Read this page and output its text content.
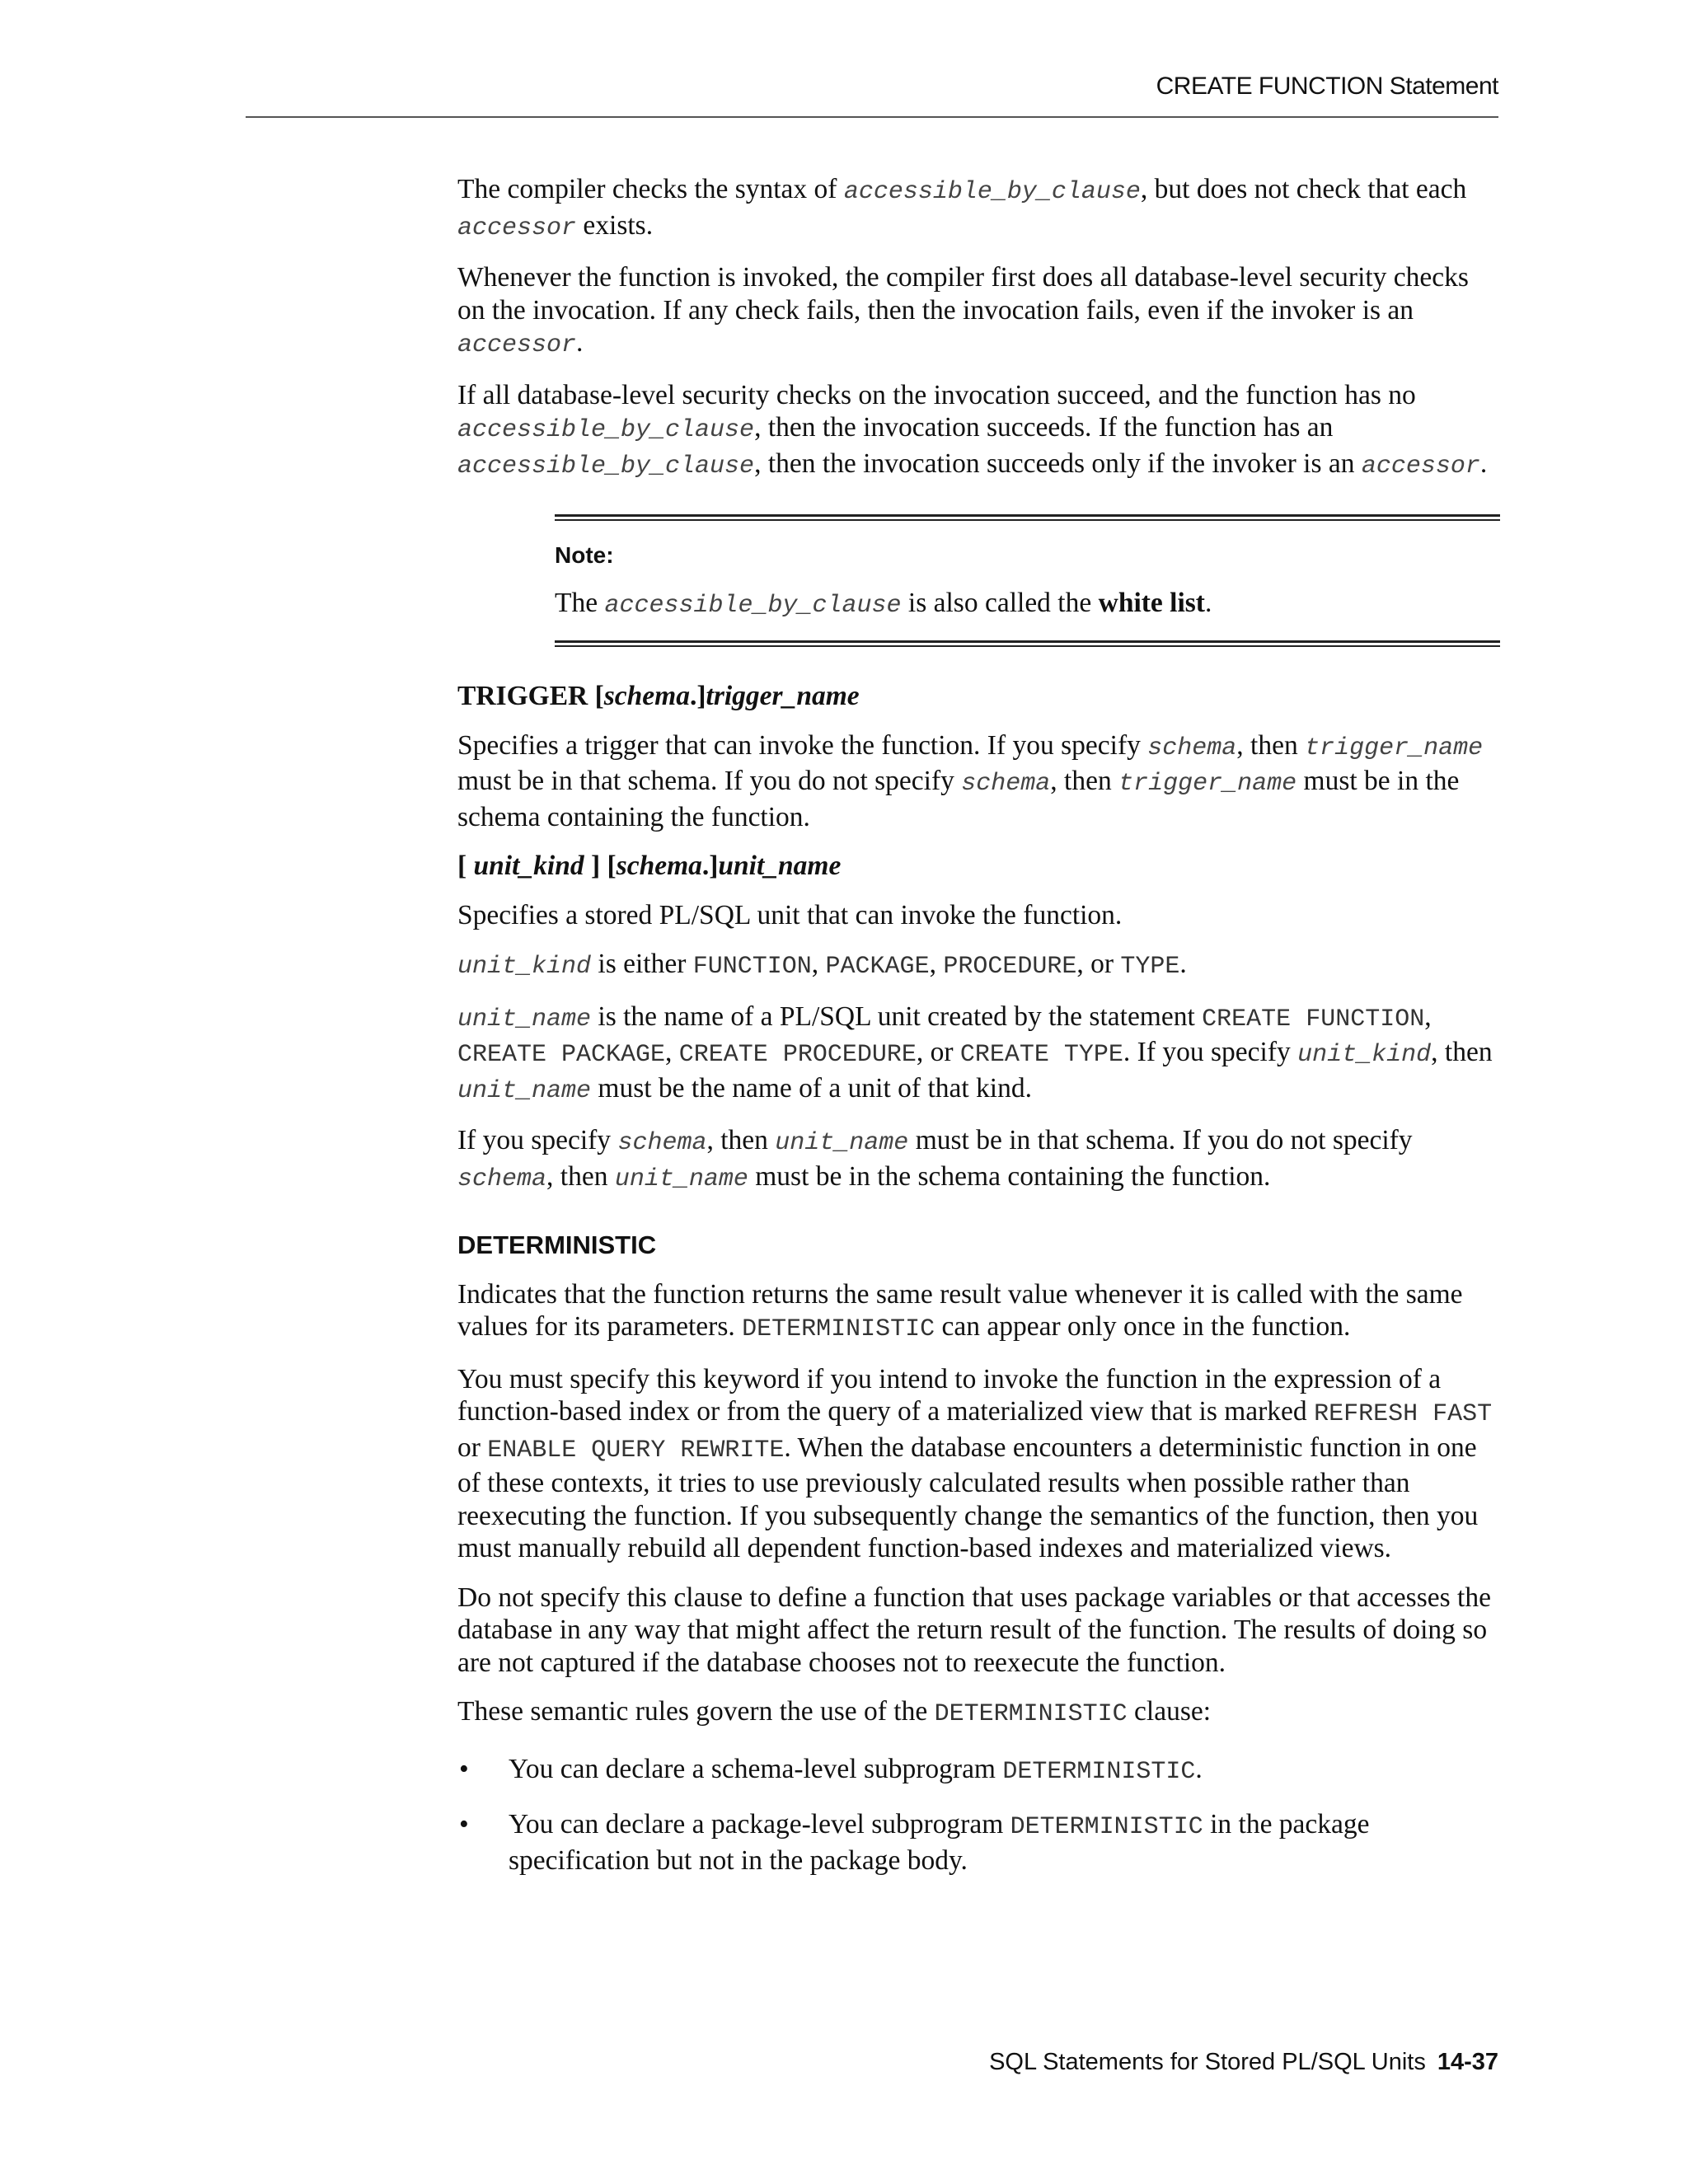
CREATE FUNCTION Statement

The compiler checks the syntax of accessible_by_clause, but does not check that each accessor exists.

Whenever the function is invoked, the compiler first does all database-level security checks on the invocation. If any check fails, then the invocation fails, even if the invoker is an accessor.

If all database-level security checks on the invocation succeed, and the function has no accessible_by_clause, then the invocation succeeds. If the function has an accessible_by_clause, then the invocation succeeds only if the invoker is an accessor.

Note:

The accessible_by_clause is also called the white list.

TRIGGER [schema.]trigger_name

Specifies a trigger that can invoke the function. If you specify schema, then trigger_name must be in that schema. If you do not specify schema, then trigger_name must be in the schema containing the function.

[ unit_kind ] [schema.]unit_name

Specifies a stored PL/SQL unit that can invoke the function.

unit_kind is either FUNCTION, PACKAGE, PROCEDURE, or TYPE.

unit_name is the name of a PL/SQL unit created by the statement CREATE FUNCTION, CREATE PACKAGE, CREATE PROCEDURE, or CREATE TYPE. If you specify unit_kind, then unit_name must be the name of a unit of that kind.

If you specify schema, then unit_name must be in that schema. If you do not specify schema, then unit_name must be in the schema containing the function.

DETERMINISTIC

Indicates that the function returns the same result value whenever it is called with the same values for its parameters. DETERMINISTIC can appear only once in the function.

You must specify this keyword if you intend to invoke the function in the expression of a function-based index or from the query of a materialized view that is marked REFRESH FAST or ENABLE QUERY REWRITE. When the database encounters a deterministic function in one of these contexts, it tries to use previously calculated results when possible rather than reexecuting the function. If you subsequently change the semantics of the function, then you must manually rebuild all dependent function-based indexes and materialized views.

Do not specify this clause to define a function that uses package variables or that accesses the database in any way that might affect the return result of the function. The results of doing so are not captured if the database chooses not to reexecute the function.

These semantic rules govern the use of the DETERMINISTIC clause:

• You can declare a schema-level subprogram DETERMINISTIC.
• You can declare a package-level subprogram DETERMINISTIC in the package specification but not in the package body.
SQL Statements for Stored PL/SQL Units 14-37
